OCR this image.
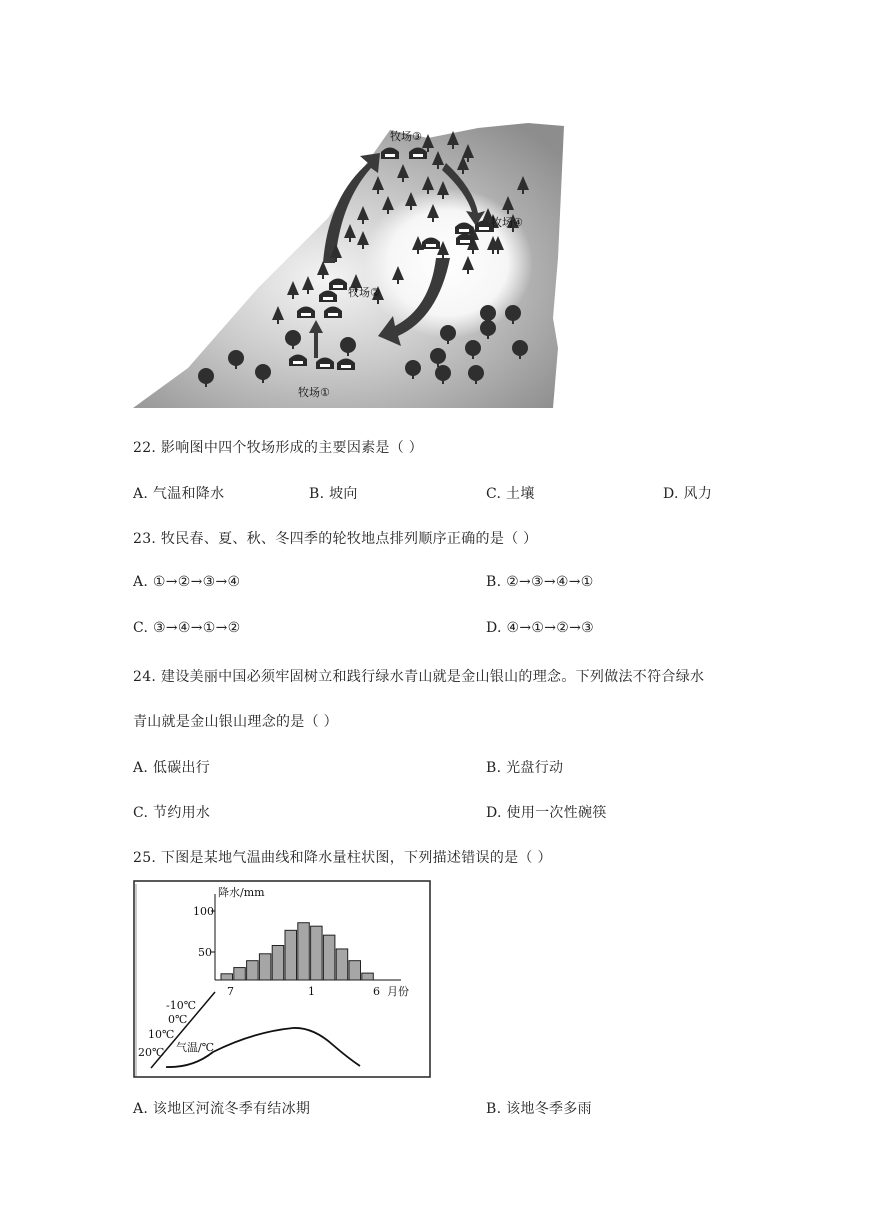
牧场①
牧场②
牧场③
牧场④
22. 影响图中四个牧场形成的主要因素是（ ）
A. 气温和降水	B. 坡向	C. 土壤	D. 风力
23. 牧民春、夏、秋、冬四季的轮牧地点排列顺序正确的是（ ）
A. ①→②→③→④	B. ②→③→④→①
C. ③→④→①→②	D. ④→①→②→③
24. 建设美丽中国必须牢固树立和践行绿水青山就是金山银山的理念。下列做法不符合绿水
青山就是金山银山理念的是（ ）
A. 低碳出行	B. 光盘行动
C. 节约用水	D. 使用一次性碗筷
25. 下图是某地气温曲线和降水量柱状图，下列描述错误的是（ ）
降水/mm
100
50
7	1	6 月份
-10℃
0℃
10℃
20℃ 气温/℃
A. 该地区河流冬季有结冰期	B. 该地冬季多雨
